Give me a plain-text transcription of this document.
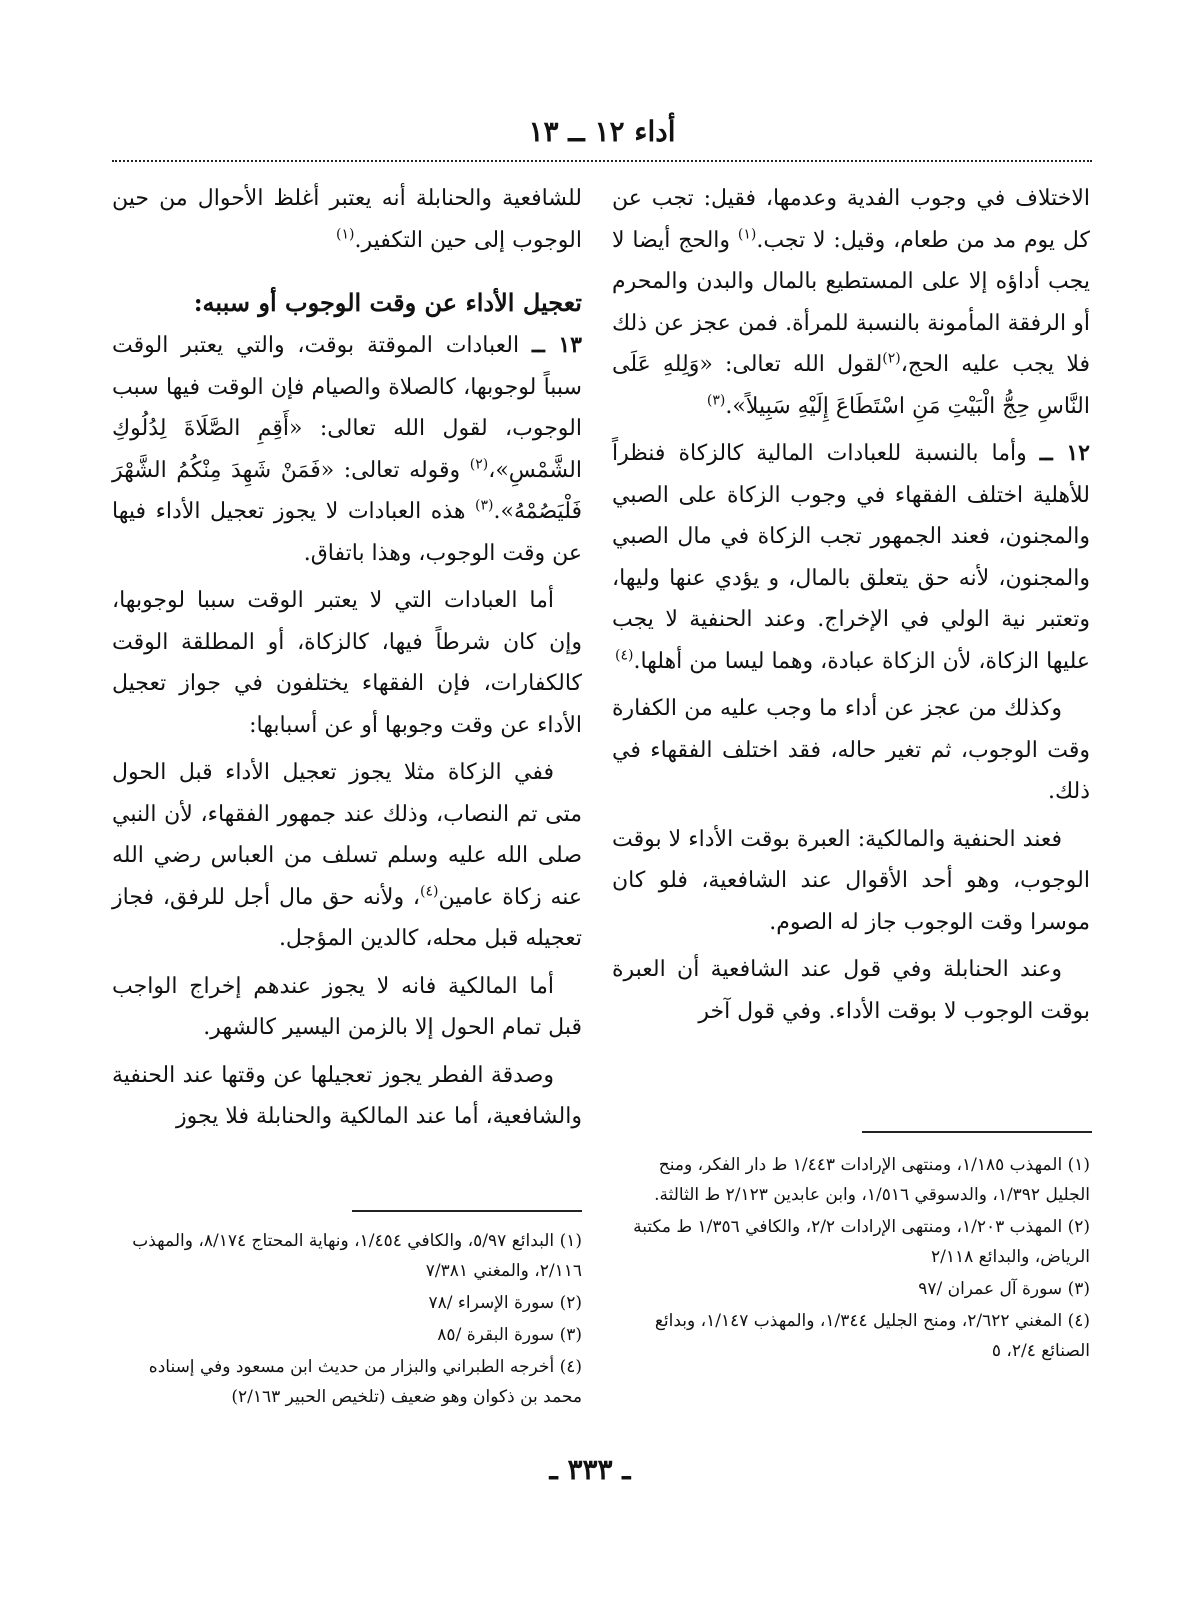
أداء ١٢ ــ ١٣

الاختلاف في وجوب الفدية وعدمها، فقيل: تجب عن كل يوم مد من طعام، وقيل: لا تجب.$^{(١)}$ والحج أيضا لا يجب أداؤه إلا على المستطيع بالمال والبدن والمحرم أو الرفقة المأمونة بالنسبة للمرأة. فمن عجز عن ذلك فلا يجب عليه الحج،$^{(٢)}$لقول الله تعالى: «وَلِلهِ عَلَى النَّاسِ حِجُّ الْبَيْتِ مَنِ اسْتَطَاعَ إِلَيْهِ سَبِيلاً».$^{(٣)}$

١٢ ــ وأما بالنسبة للعبادات المالية كالزكاة فنظراً للأهلية اختلف الفقهاء في وجوب الزكاة على الصبي والمجنون، فعند الجمهور تجب الزكاة في مال الصبي والمجنون، لأنه حق يتعلق بالمال، و يؤدي عنها وليها، وتعتبر نية الولي في الإخراج. وعند الحنفية لا يجب عليها الزكاة، لأن الزكاة عبادة، وهما ليسا من أهلها.$^{(٤)}$

وكذلك من عجز عن أداء ما وجب عليه من الكفارة وقت الوجوب، ثم تغير حاله، فقد اختلف الفقهاء في ذلك.

فعند الحنفية والمالكية: العبرة بوقت الأداء لا بوقت الوجوب، وهو أحد الأقوال عند الشافعية، فلو كان موسرا وقت الوجوب جاز له الصوم.

وعند الحنابلة وفي قول عند الشافعية أن العبرة بوقت الوجوب لا بوقت الأداء. وفي قول آخر

للشافعية والحنابلة أنه يعتبر أغلظ الأحوال من حين الوجوب إلى حين التكفير.$^{(١)}$

تعجيل الأداء عن وقت الوجوب أو سببه:

١٣ ــ العبادات الموقتة بوقت، والتي يعتبر الوقت سبباً لوجوبها، كالصلاة والصيام فإن الوقت فيها سبب الوجوب، لقول الله تعالى: «أَقِمِ الصَّلَاةَ لِدُلُوكِ الشَّمْسِ»،$^{(٢)}$ وقوله تعالى: «فَمَنْ شَهِدَ مِنْكُمُ الشَّهْرَ فَلْيَصُمْهُ».$^{(٣)}$ هذه العبادات لا يجوز تعجيل الأداء فيها عن وقت الوجوب، وهذا باتفاق.

أما العبادات التي لا يعتبر الوقت سببا لوجوبها، وإن كان شرطاً فيها، كالزكاة، أو المطلقة الوقت كالكفارات، فإن الفقهاء يختلفون في جواز تعجيل الأداء عن وقت وجوبها أو عن أسبابها:

ففي الزكاة مثلا يجوز تعجيل الأداء قبل الحول متى تم النصاب، وذلك عند جمهور الفقهاء، لأن النبي صلى الله عليه وسلم تسلف من العباس رضي الله عنه زكاة عامين$^{(٤)}$، ولأنه حق مال أجل للرفق، فجاز تعجيله قبل محله، كالدين المؤجل.

أما المالكية فانه لا يجوز عندهم إخراج الواجب قبل تمام الحول إلا بالزمن اليسير كالشهر.

وصدقة الفطر يجوز تعجيلها عن وقتها عند الحنفية والشافعية، أما عند المالكية والحنابلة فلا يجوز

(١) المهذب ١/١٨٥، ومنتهى الإرادات ١/٤٤٣ ط دار الفكر، ومنح الجليل ١/٣٩٢، والدسوقي ١/٥١٦، وابن عابدين ٢/١٢٣ ط الثالثة.
(٢) المهذب ١/٢٠٣، ومنتهى الإرادات ٢/٢، والكافي ١/٣٥٦ ط مكتبة الرياض، والبدائع ٢/١١٨
(٣) سورة آل عمران /٩٧
(٤) المغني ٢/٦٢٢، ومنح الجليل ١/٣٤٤، والمهذب ١/١٤٧، وبدائع الصنائع ٢/٤، ٥
(١) البدائع ٥/٩٧، والكافي ١/٤٥٤، ونهاية المحتاج ٨/١٧٤، والمهذب ٢/١١٦، والمغني ٧/٣٨١
(٢) سورة الإسراء /٧٨
(٣) سورة البقرة /٨٥
(٤) أخرجه الطبراني والبزار من حديث ابن مسعود وفي إسناده محمد بن ذكوان وهو ضعيف (تلخيص الحبير ٢/١٦٣)
ـ ٣٣٣ ـ
